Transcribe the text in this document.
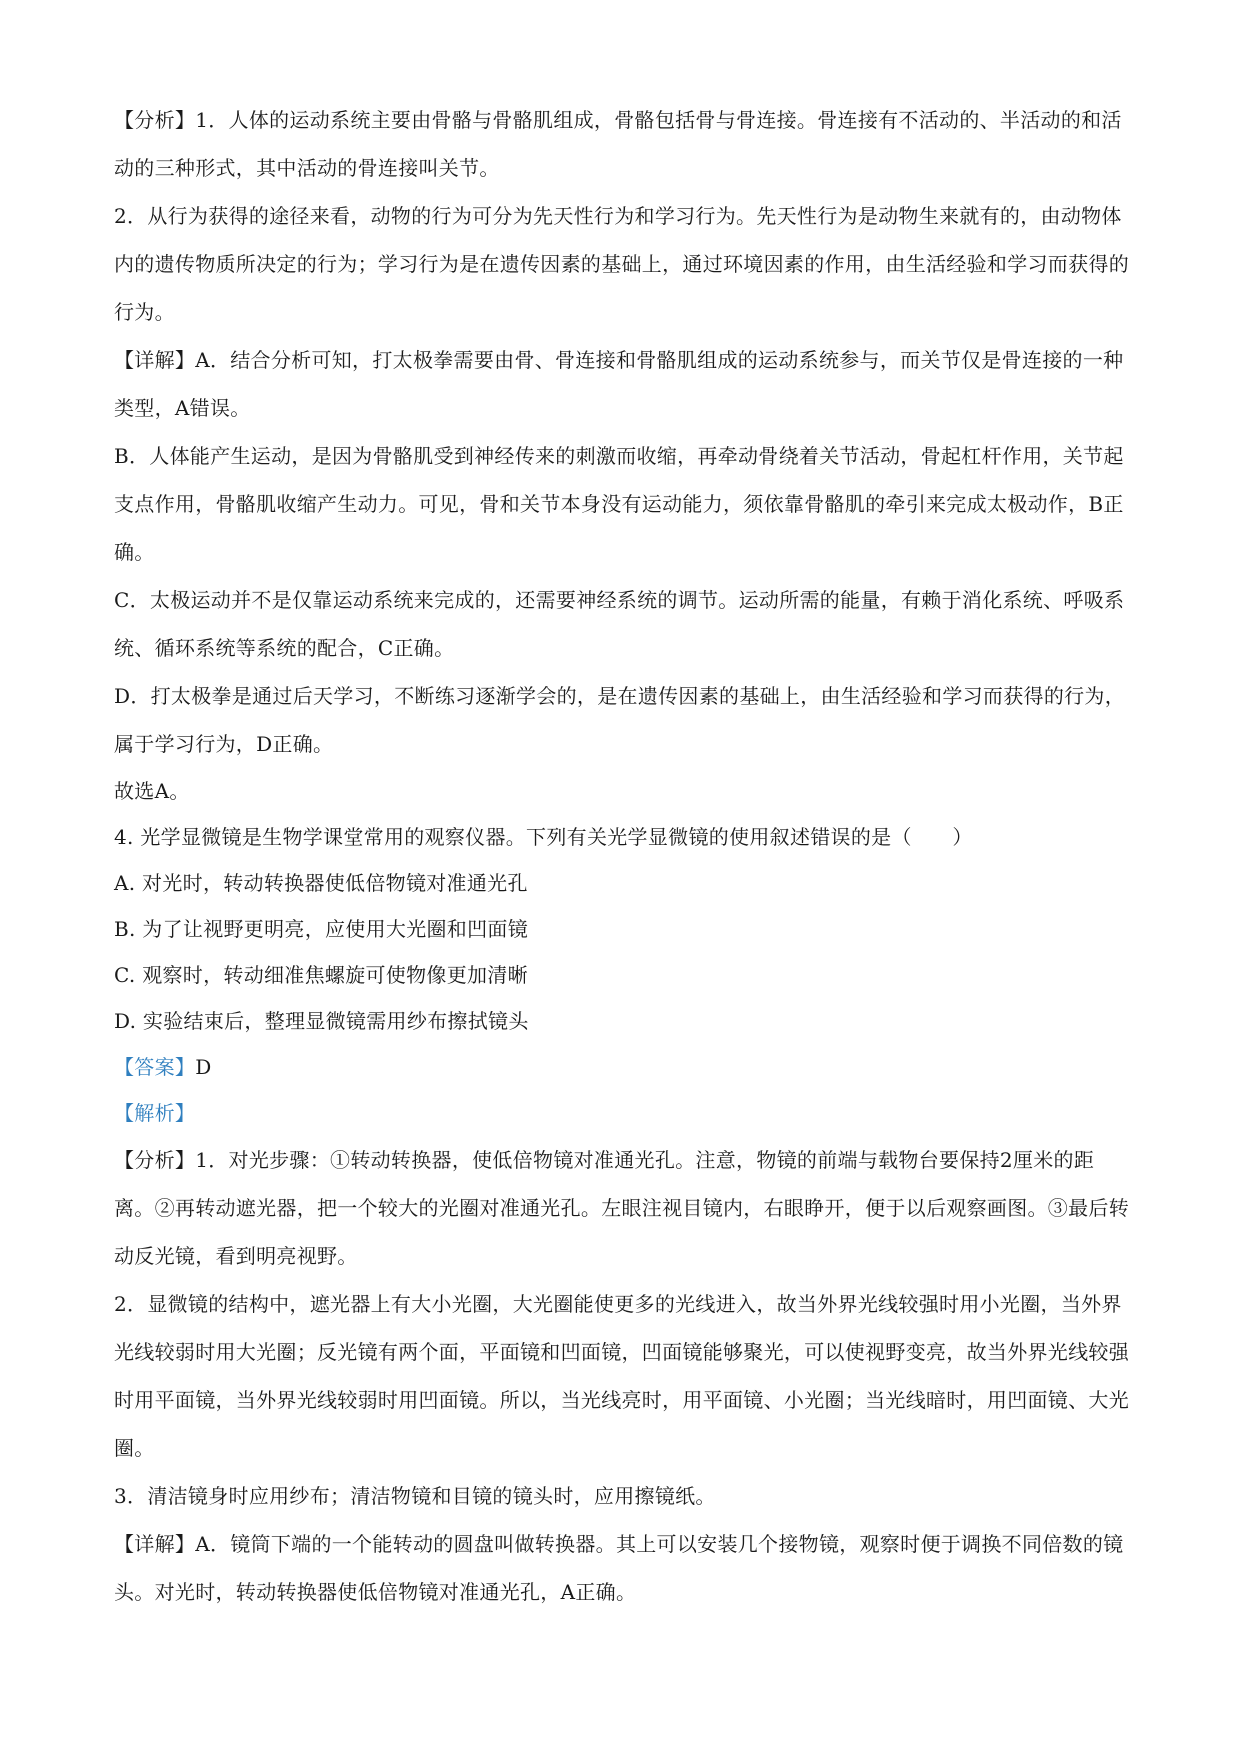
【分析】1．人体的运动系统主要由骨骼与骨骼肌组成，骨骼包括骨与骨连接。骨连接有不活动的、半活动的和活动的三种形式，其中活动的骨连接叫关节。

2．从行为获得的途径来看，动物的行为可分为先天性行为和学习行为。先天性行为是动物生来就有的，由动物体内的遗传物质所决定的行为；学习行为是在遗传因素的基础上，通过环境因素的作用，由生活经验和学习而获得的行为。

【详解】A．结合分析可知，打太极拳需要由骨、骨连接和骨骼肌组成的运动系统参与，而关节仅是骨连接的一种类型，A错误。

B．人体能产生运动，是因为骨骼肌受到神经传来的刺激而收缩，再牵动骨绕着关节活动，骨起杠杆作用，关节起支点作用，骨骼肌收缩产生动力。可见，骨和关节本身没有运动能力，须依靠骨骼肌的牵引来完成太极动作，B正确。

C．太极运动并不是仅靠运动系统来完成的，还需要神经系统的调节。运动所需的能量，有赖于消化系统、呼吸系统、循环系统等系统的配合，C正确。

D．打太极拳是通过后天学习，不断练习逐渐学会的，是在遗传因素的基础上，由生活经验和学习而获得的行为，属于学习行为，D正确。

故选A。

4. 光学显微镜是生物学课堂常用的观察仪器。下列有关光学显微镜的使用叙述错误的是（　　）

A. 对光时，转动转换器使低倍物镜对准通光孔

B. 为了让视野更明亮，应使用大光圈和凹面镜

C. 观察时，转动细准焦螺旋可使物像更加清晰

D. 实验结束后，整理显微镜需用纱布擦拭镜头

【答案】D

【解析】

【分析】1．对光步骤：①转动转换器，使低倍物镜对准通光孔。注意，物镜的前端与载物台要保持2厘米的距离。②再转动遮光器，把一个较大的光圈对准通光孔。左眼注视目镜内，右眼睁开，便于以后观察画图。③最后转动反光镜，看到明亮视野。

2．显微镜的结构中，遮光器上有大小光圈，大光圈能使更多的光线进入，故当外界光线较强时用小光圈，当外界光线较弱时用大光圈；反光镜有两个面，平面镜和凹面镜，凹面镜能够聚光，可以使视野变亮，故当外界光线较强时用平面镜，当外界光线较弱时用凹面镜。所以，当光线亮时，用平面镜、小光圈；当光线暗时，用凹面镜、大光圈。

3．清洁镜身时应用纱布；清洁物镜和目镜的镜头时，应用擦镜纸。

【详解】A．镜筒下端的一个能转动的圆盘叫做转换器。其上可以安装几个接物镜，观察时便于调换不同倍数的镜头。对光时，转动转换器使低倍物镜对准通光孔，A正确。
